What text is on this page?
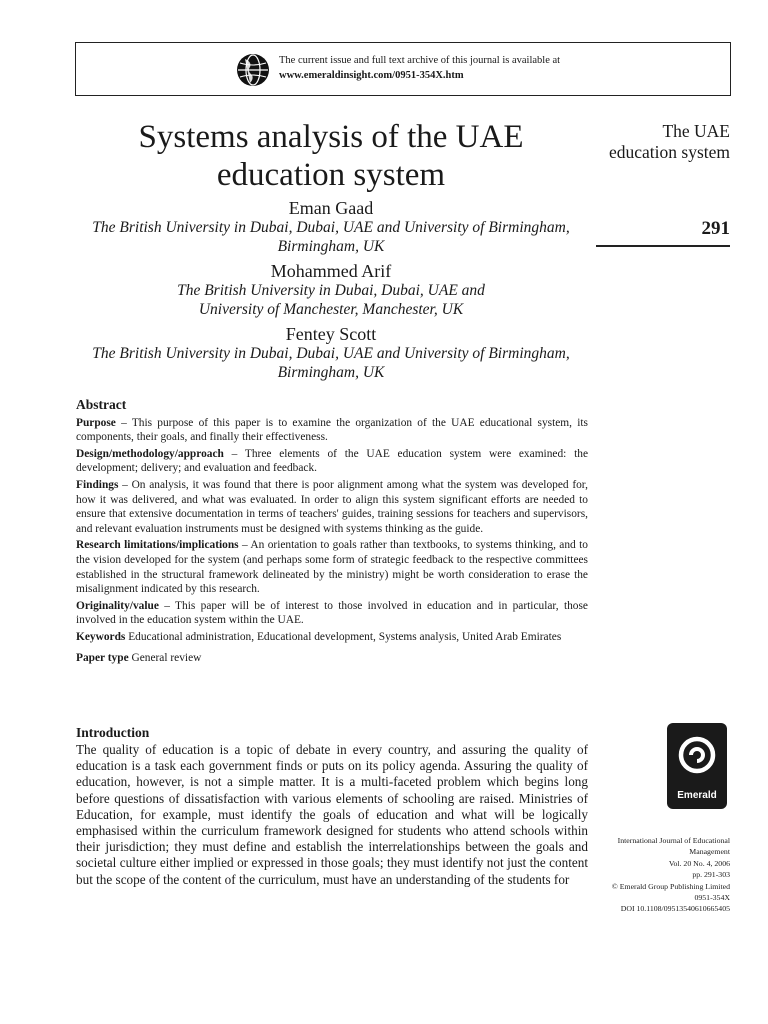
The current issue and full text archive of this journal is available at
www.emeraldinsight.com/0951-354X.htm
Systems analysis of the UAE
education system
Eman Gaad
The British University in Dubai, Dubai, UAE and University of Birmingham,
Birmingham, UK
Mohammed Arif
The British University in Dubai, Dubai, UAE and
University of Manchester, Manchester, UK
Fentey Scott
The British University in Dubai, Dubai, UAE and University of Birmingham,
Birmingham, UK
The UAE
education system
291
Abstract

Purpose – This purpose of this paper is to examine the organization of the UAE educational system, its components, their goals, and finally their effectiveness.

Design/methodology/approach – Three elements of the UAE education system were examined: the development; delivery; and evaluation and feedback.

Findings – On analysis, it was found that there is poor alignment among what the system was developed for, how it was delivered, and what was evaluated. In order to align this system significant efforts are needed to ensure that extensive documentation in terms of teachers' guides, training sessions for teachers and supervisors, and relevant evaluation instruments must be designed with systems thinking as the guide.

Research limitations/implications – An orientation to goals rather than textbooks, to systems thinking, and to the vision developed for the system (and perhaps some form of strategic feedback to the respective committees established in the structural framework delineated by the ministry) might be worth consideration to erase the misalignment indicated by this research.

Originality/value – This paper will be of interest to those involved in education and in particular, those involved in the education system within the UAE.

Keywords Educational administration, Educational development, Systems analysis, United Arab Emirates

Paper type General review

Introduction

The quality of education is a topic of debate in every country, and assuring the quality of education is a task each government finds or puts on its policy agenda. Assuring the quality of education, however, is not a simple matter. It is a multi-faceted problem which begins long before questions of dissatisfaction with various elements of schooling are raised. Ministries of Education, for example, must identify the goals of education and what will be logically emphasised within the curriculum framework designed for students who attend schools within their jurisdiction; they must define and establish the interrelationships between the goals and societal culture either implied or expressed in those goals; they must identify not just the content but the scope of the content of the curriculum, must have an understanding of the students for

Emerald
International Journal of Educational
Management
Vol. 20 No. 4, 2006
pp. 291-303
© Emerald Group Publishing Limited
0951-354X
DOI 10.1108/09513540610665405
